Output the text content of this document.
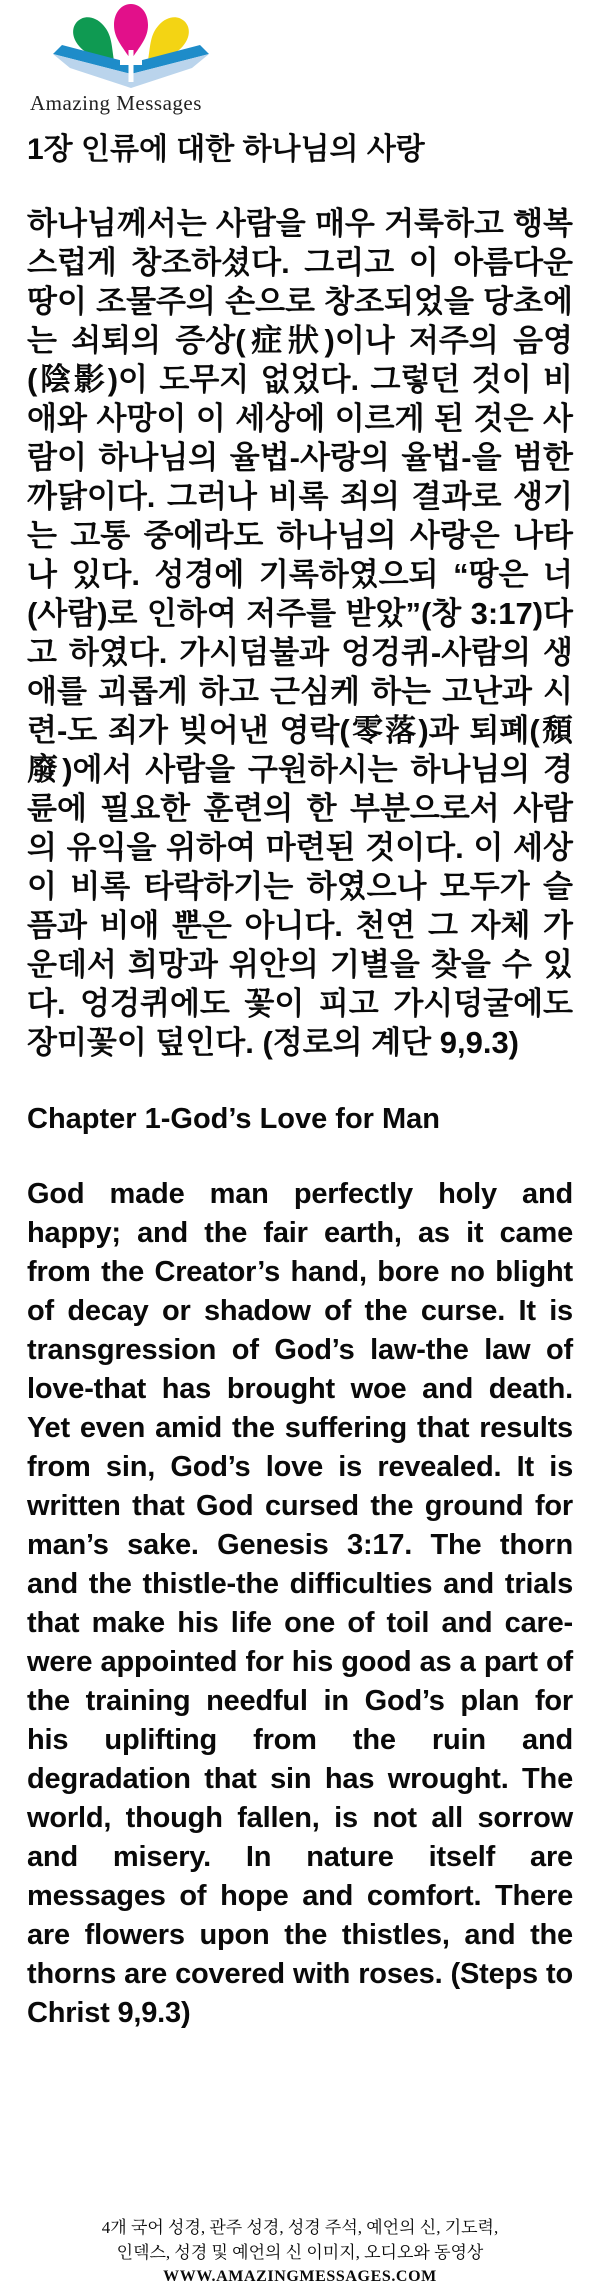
Amazing Messages
1장 인류에 대한 하나님의 사랑

하나님께서는 사람을 매우 거룩하고 행복스럽게 창조하셨다. 그리고 이 아름다운 땅이 조물주의 손으로 창조되었을 당초에는 쇠퇴의 증상(症狀)이나 저주의 음영(陰影)이 도무지 없었다. 그렇던 것이 비애와 사망이 이 세상에 이르게 된 것은 사람이 하나님의 율법-사랑의 율법-을 범한 까닭이다. 그러나 비록 죄의 결과로 생기는 고통 중에라도 하나님의 사랑은 나타나 있다. 성경에 기록하였으되 “땅은 너(사람)로 인하여 저주를 받았”(창 3:17)다고 하였다. 가시덤불과 엉겅퀴-사람의 생애를 괴롭게 하고 근심케 하는 고난과 시련-도 죄가 빚어낸 영락(零落)과 퇴폐(頹廢)에서 사람을 구원하시는 하나님의 경륜에 필요한 훈련의 한 부분으로서 사람의 유익을 위하여 마련된 것이다. 이 세상이 비록 타락하기는 하였으나 모두가 슬픔과 비애 뿐은 아니다. 천연 그 자체 가운데서 희망과 위안의 기별을 찾을 수 있다. 엉겅퀴에도 꽃이 피고 가시덩굴에도 장미꽃이 덮인다. (정로의 계단 9,9.3)

Chapter 1-God’s Love for Man

God made man perfectly holy and happy; and the fair earth, as it came from the Creator’s hand, bore no blight of decay or shadow of the curse. It is transgression of God’s law-the law of love-that has brought woe and death. Yet even amid the suffering that results from sin, God’s love is revealed. It is written that God cursed the ground for man’s sake. Genesis 3:17. The thorn and the thistle-the difficulties and trials that make his life one of toil and care-were appointed for his good as a part of the training needful in God’s plan for his uplifting from the ruin and degradation that sin has wrought. The world, though fallen, is not all sorrow and misery. In nature itself are messages of hope and comfort. There are flowers upon the thistles, and the thorns are covered with roses. (Steps to Christ 9,9.3)

4개 국어 성경, 관주 성경, 성경 주석, 예언의 신, 기도력,
인덱스, 성경 및 예언의 신 이미지, 오디오와 동영상
WWW.AMAZINGMESSAGES.COM
